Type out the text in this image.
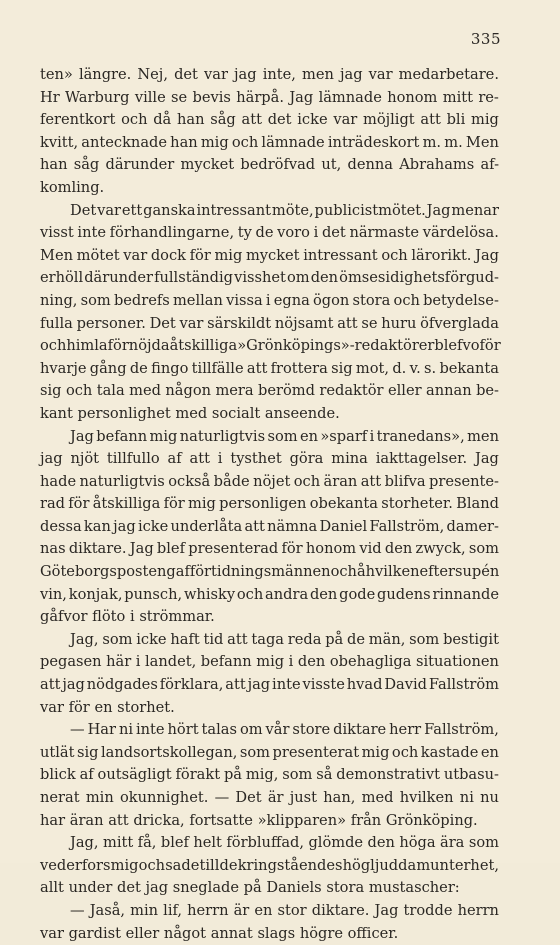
335
ten» längre. Nej, det var jag inte, men jag var medarbetare.
Hr Warburg ville se bevis härpå. Jag lämnade honom mitt re-
ferentkort och då han såg att det icke var möjligt att bli mig
kvitt, antecknade han mig och lämnade inträdeskort m. m. Men
han såg därunder mycket bedröfvad ut, denna Abrahams af-
komling.
Det var ett ganska intressant möte, publicistmötet. Jag menar
visst inte förhandlingarne, ty de voro i det närmaste värdelösa.
Men mötet var dock för mig mycket intressant och lärorikt. Jag
erhöll därunder fullständig visshet om den ömsesidighetsförgud-
ning, som bedrefs mellan vissa i egna ögon stora och betydelse-
fulla personer. Det var särskildt nöjsamt att se huru öfverglada
och himlaförnöjda åtskilliga »Grönköpings»-redaktörer blefvo för
hvarje gång de fingo tillfälle att frottera sig mot, d. v. s. bekanta
sig och tala med någon mera berömd redaktör eller annan be-
kant personlighet med socialt anseende.
Jag befann mig naturligtvis som en »sparf i tranedans», men
jag njöt tillfullo af att i tysthet göra mina iakttagelser. Jag
hade naturligtvis också både nöjet och äran att blifva presente-
rad för åtskilliga för mig personligen obekanta storheter. Bland
dessa kan jag icke underlåta att nämna Daniel Fallström, damer-
nas diktare. Jag blef presenterad för honom vid den zwyck, som
Göteborgsposten gaf för tidningsmännen och å hvilken efter supén
vin, konjak, punsch, whisky och andra den gode gudens rinnande
gåfvor flöto i strömmar.
Jag, som icke haft tid att taga reda på de män, som bestigit
pegasen här i landet, befann mig i den obehagliga situationen
att jag nödgades förklara, att jag inte visste hvad David Fallström
var för en storhet.
— Har ni inte hört talas om vår store diktare herr Fallström,
utlät sig landsortskollegan, som presenterat mig och kastade en
blick af outsägligt förakt på mig, som så demonstrativt utbasu-
nerat min okunnighet. — Det är just han, med hvilken ni nu
har äran att dricka, fortsatte »klipparen» från Grönköping.
Jag, mitt få, blef helt förbluffad, glömde den höga ära som
vederfors mig och sade till de kringståendes högljudda munterhet,
allt under det jag sneglade på Daniels stora mustascher:
— Jaså, min lif, herrn är en stor diktare. Jag trodde herrn
var gardist eller något annat slags högre officer.
